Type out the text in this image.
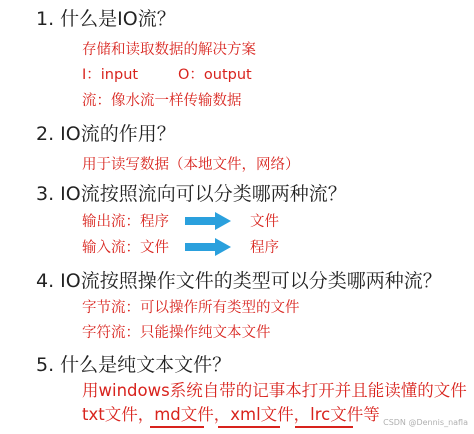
1. 什么是IO流？
存储和读取数据的解决方案
I：input	O：output
流：像水流一样传输数据
2. IO流的作用？
用于读写数据（本地文件，网络）
3. IO流按照流向可以分类哪两种流？
输出流：程序	文件
输入流：文件	程序
4. IO流按照操作文件的类型可以分类哪两种流？
字节流：可以操作所有类型的文件
字符流：只能操作纯文本文件
5. 什么是纯文本文件？
用windows系统自带的记事本打开并且能读懂的文件
txt文件，md文件，xml文件，lrc文件等 CSDN @Dennis_nafla
